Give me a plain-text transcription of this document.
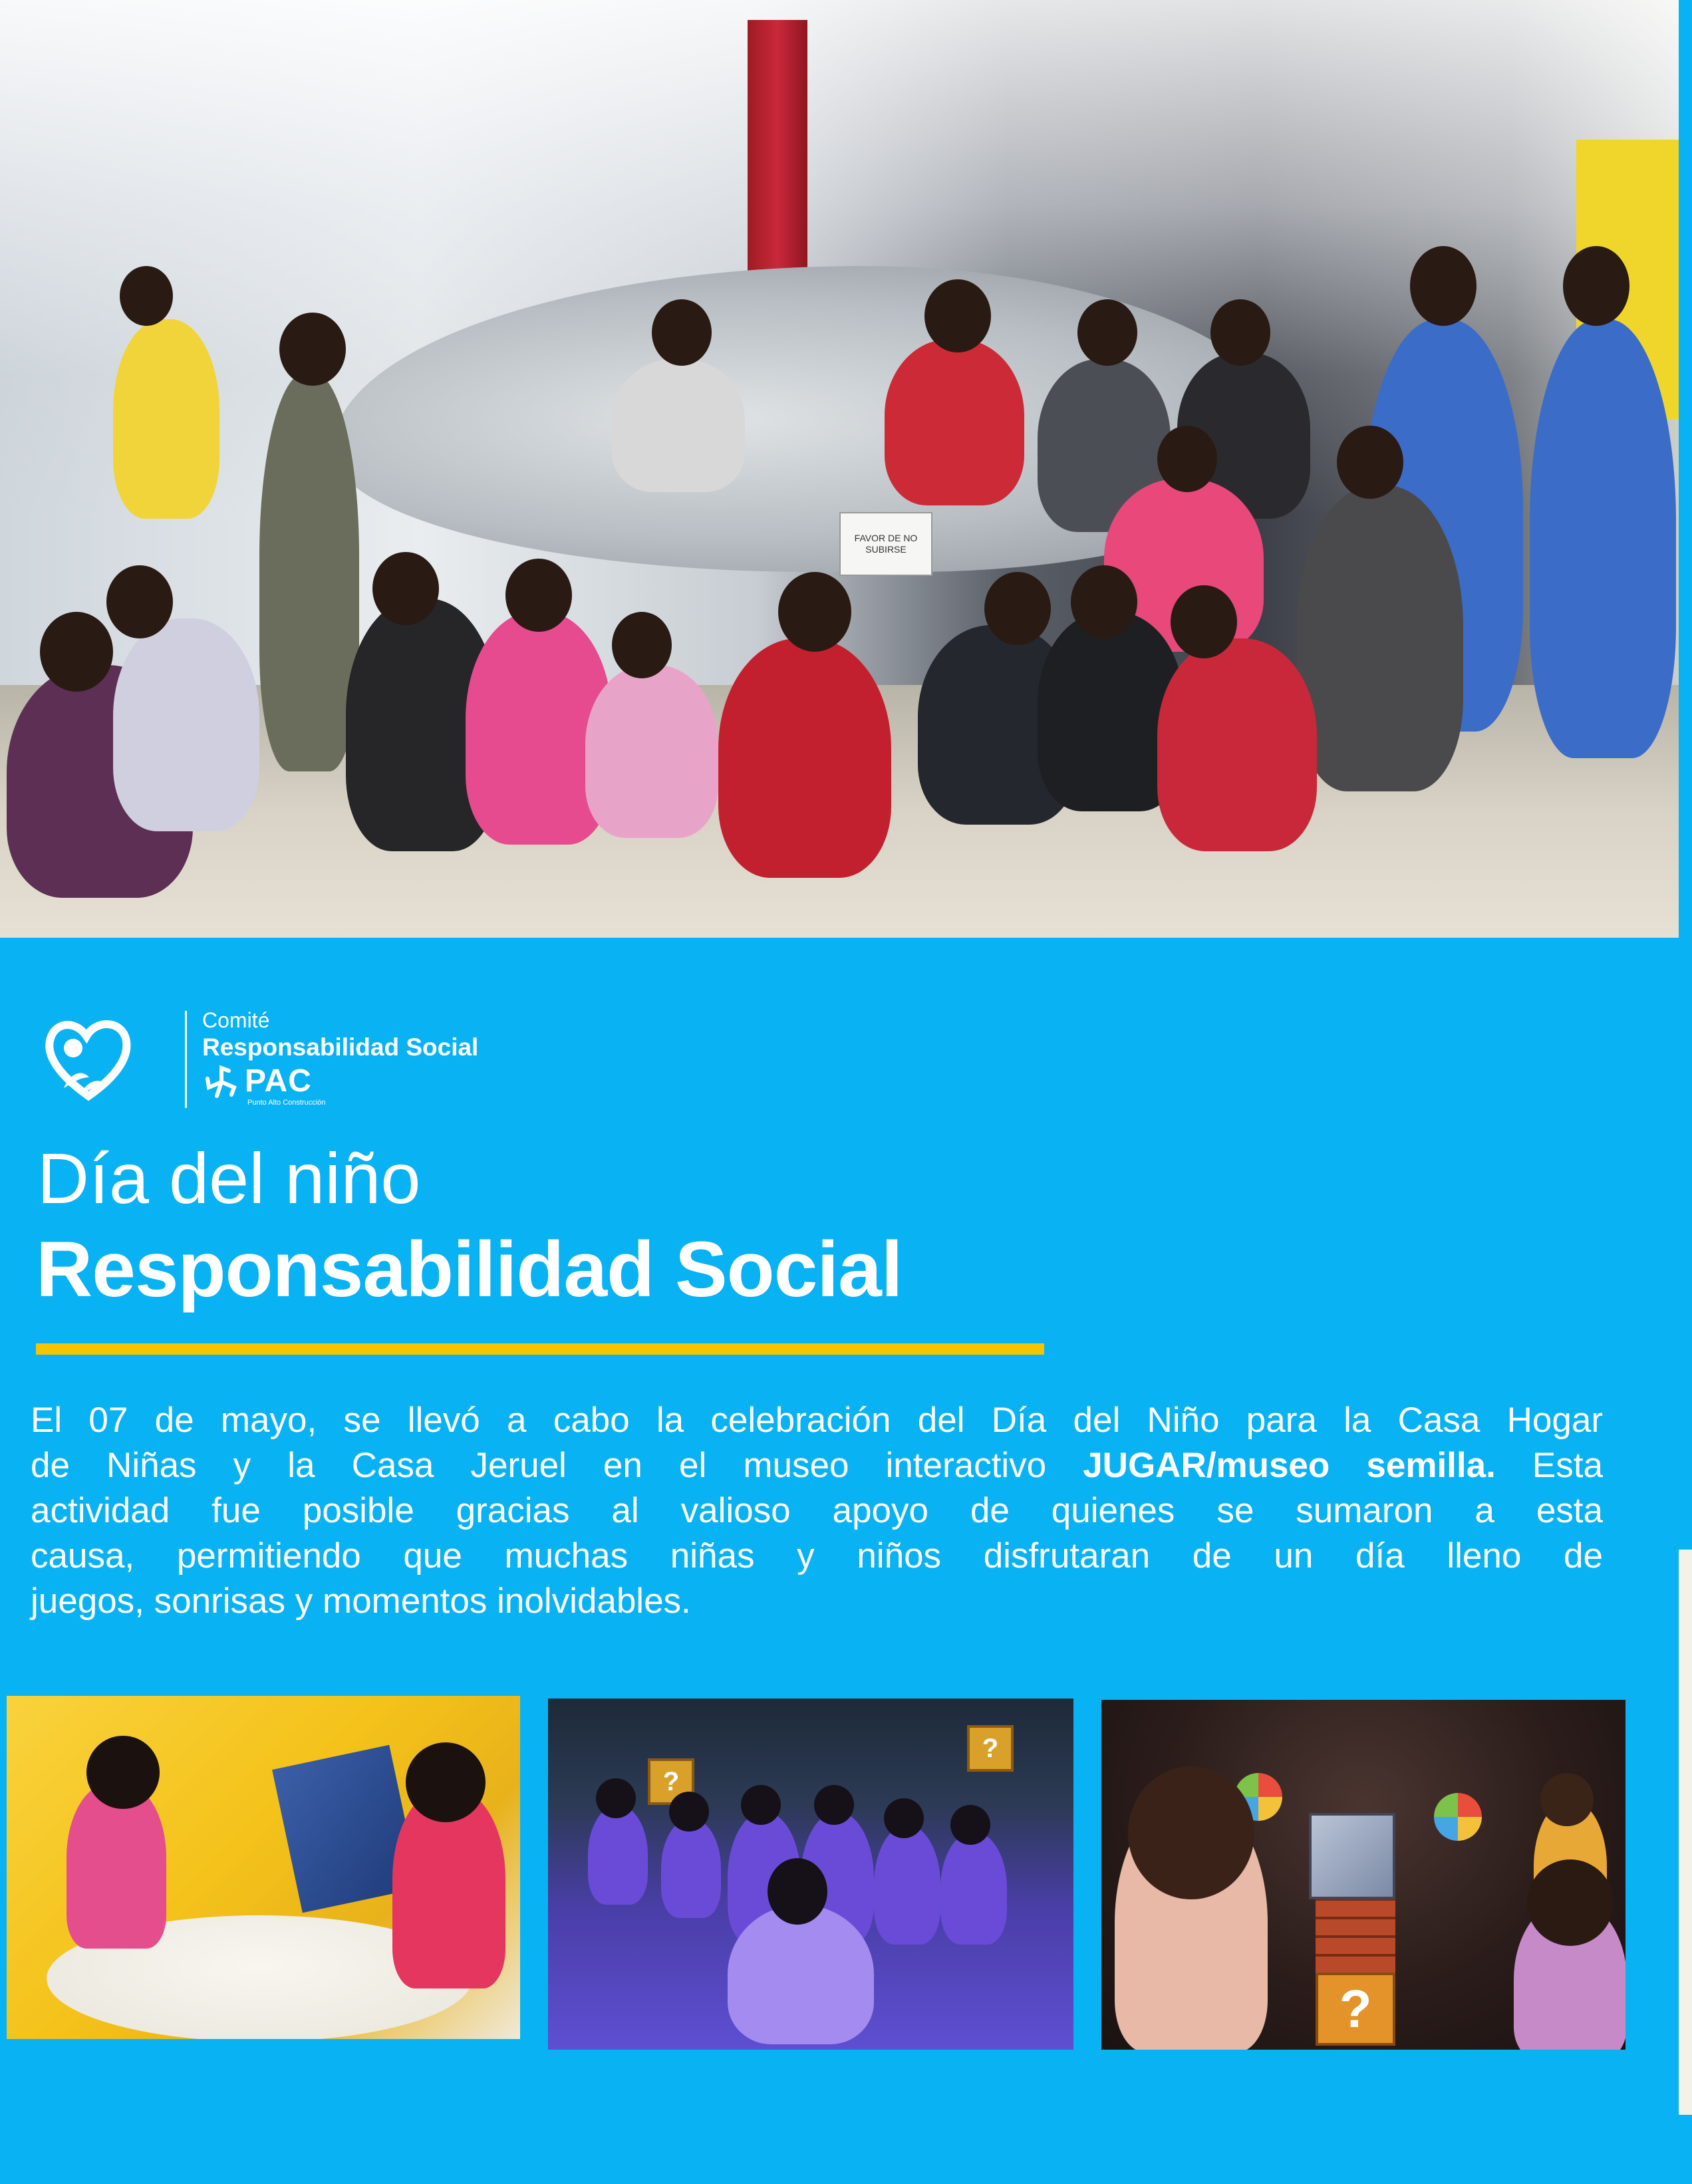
FAVOR DE NO
SUBIRSE
Comité
Responsabilidad Social
PAC
Punto Alto Construcción
Día del niño
Responsabilidad Social
El 07 de mayo, se llevó a cabo la celebración del Día del Niño para la Casa Hogar
de Niñas y la Casa Jeruel en el museo interactivo JUGAR/museo semilla. Esta
actividad fue posible gracias al valioso apoyo de quienes se sumaron a esta
causa, permitiendo que muchas niñas y niños disfrutaran de un día lleno de
juegos, sonrisas y momentos inolvidables.
?
?
?
